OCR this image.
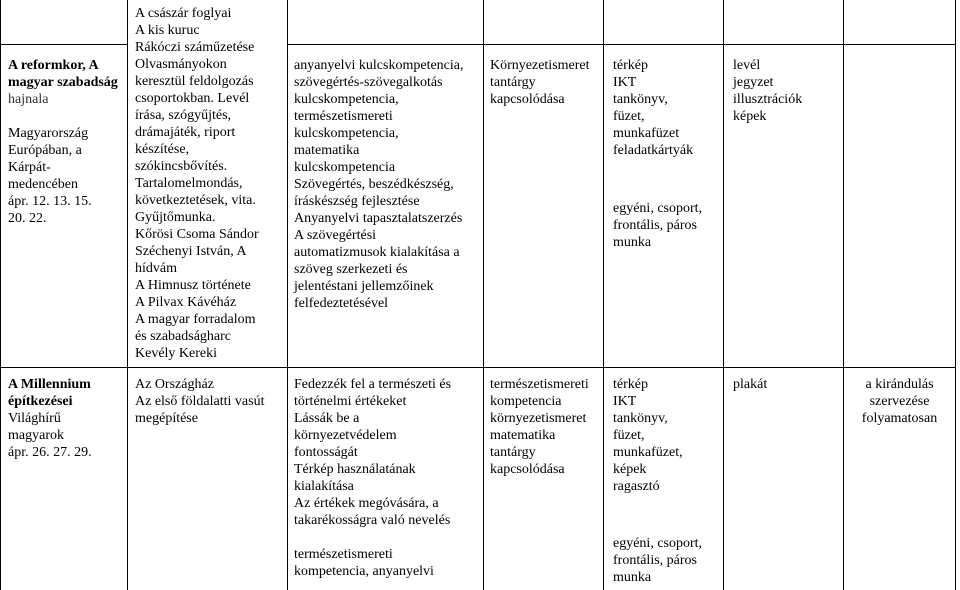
A reformkor, A
magyar szabadság
hajnala

Magyarország
Európában, a
Kárpát-
medencében
ápr. 12. 13. 15.
20. 22.
A császár foglyai
A kis kuruc
Rákóczi száműzetése
Olvasmányokon
keresztül feldolgozás
csoportokban. Levél
írása, szógyűjtés,
drámajáték, riport
készítése,
szókincsbővítés.
Tartalomelmondás,
következtetések, vita.
Gyűjtőmunka.
Kőrösi Csoma Sándor
Széchenyi István, A
hídvám
A Himnusz története
A Pilvax Kávéház
A magyar forradalom
és szabadságharc
Kevély Kereki
anyanyelvi kulcskompetencia,
szövegértés-szövegalkotás
kulcskompetencia,
természetismereti
kulcskompetencia,
matematika
kulcskompetencia
Szövegértés, beszédkészség,
íráskészség fejlesztése
Anyanyelvi tapasztalatszerzés
A szövegértési
automatizmusok kialakítása a
szöveg szerkezeti és
jelentéstani jellemzőinek
felfedeztetésével
Környezetismeret
tantárgy
kapcsolódása
térkép
IKT
tankönyv,
füzet,
munkafüzet
feladatkártyák
egyéni, csoport,
frontális, páros
munka
levél
jegyzet
illusztrációk
képek
A Millennium
építkezései
Világhírű
magyarok
ápr. 26. 27. 29.
Az Országház
Az első földalatti vasút
megépítése
Fedezzék fel a természeti és
történelmi értékeket
Lássák be a
környezetvédelem
fontosságát
Térkép használatának
kialakítása
Az értékek megóvására, a
takarékosságra való nevelés

természetismereti
kompetencia, anyanyelvi
természetismereti
kompetencia
környezetismeret
matematika
tantárgy
kapcsolódása
térkép
IKT
tankönyv,
füzet,
munkafüzet,
képek
ragasztó
egyéni, csoport,
frontális, páros
munka
plakát	a kirándulás
szervezése
folyamatosan
